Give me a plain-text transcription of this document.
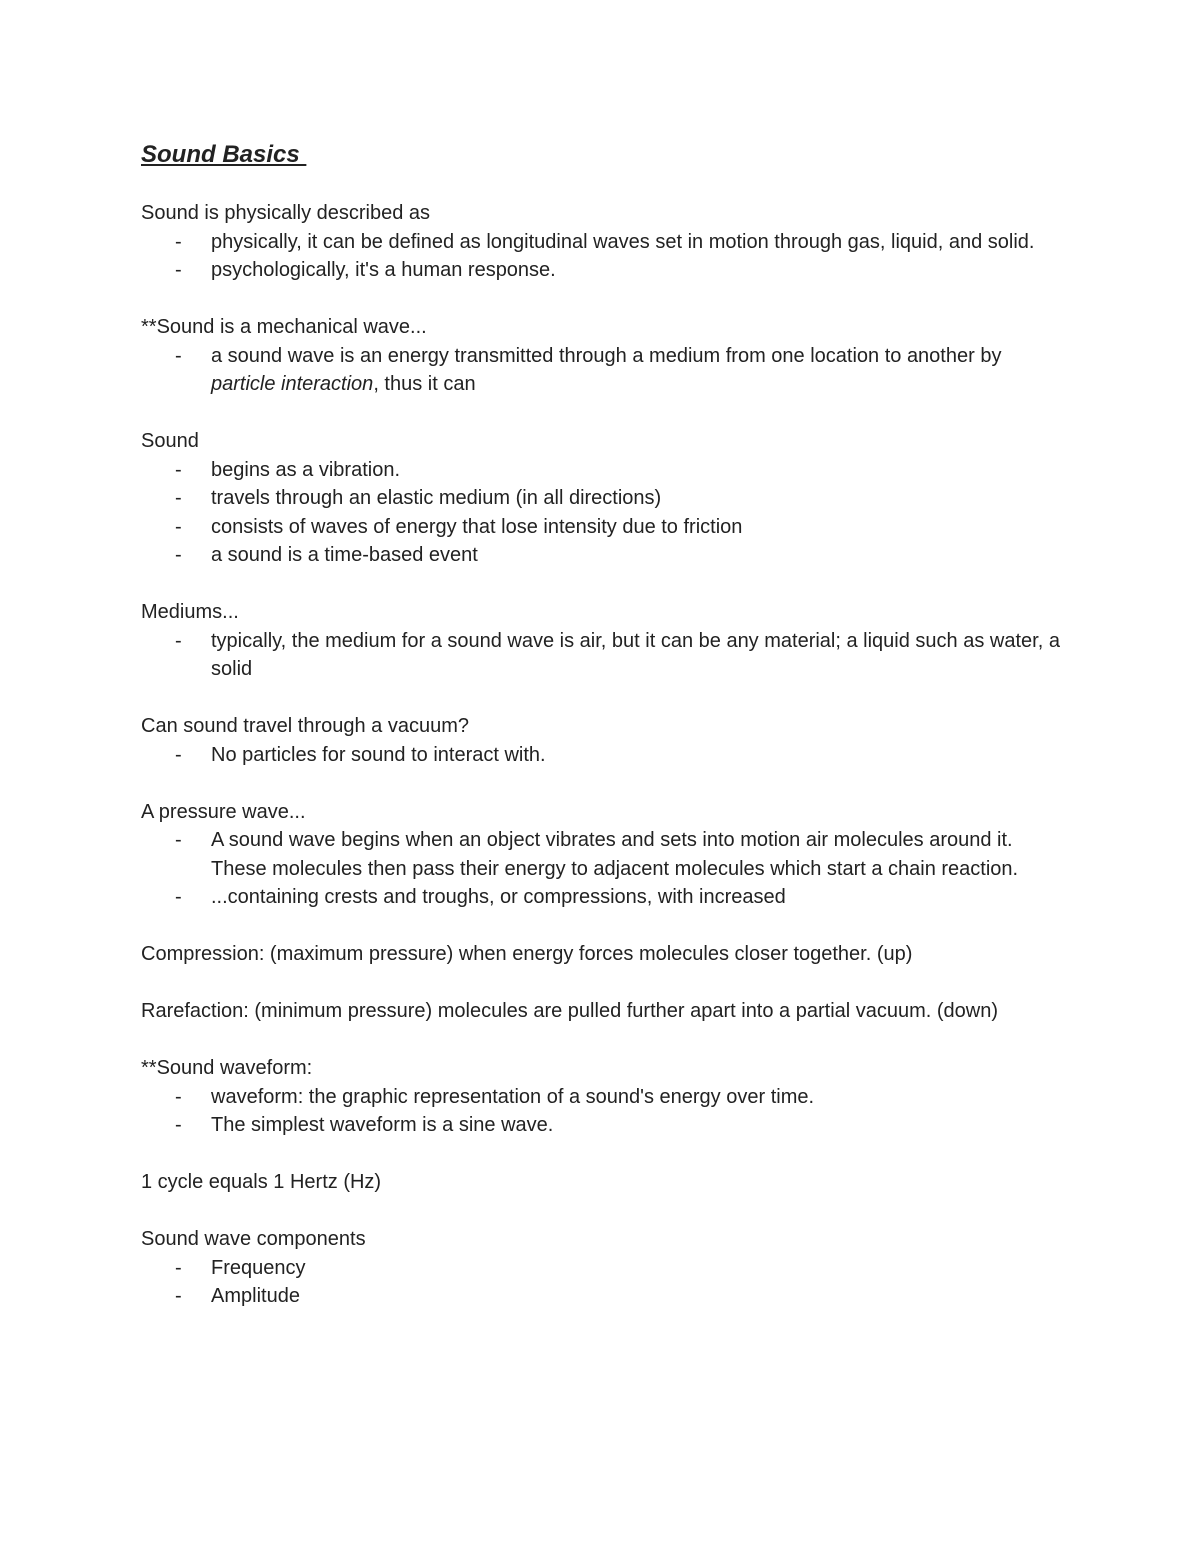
Sound Basics

Sound is physically described as

- physically, it can be defined as longitudinal waves set in motion through gas, liquid, and solid.
- psychologically, it's a human response.

**Sound is a mechanical wave...

- a sound wave is an energy transmitted through a medium from one location to another by particle interaction, thus it can

Sound

- begins as a vibration.
- travels through an elastic medium (in all directions)
- consists of waves of energy that lose intensity due to friction
- a sound is a time-based event

Mediums...

- typically, the medium for a sound wave is air, but it can be any material; a liquid such as water, a solid

Can sound travel through a vacuum?

- No particles for sound to interact with.

A pressure wave...

- A sound wave begins when an object vibrates and sets into motion air molecules around it. These molecules then pass their energy to adjacent molecules which start a chain reaction.
- ...containing crests and troughs, or compressions, with increased

Compression: (maximum pressure) when energy forces molecules closer together. (up)

Rarefaction: (minimum pressure) molecules are pulled further apart into a partial vacuum. (down)

**Sound waveform:

- waveform: the graphic representation of a sound's energy over time.
- The simplest waveform is a sine wave.

1 cycle equals 1 Hertz (Hz)

Sound wave components

- Frequency
- Amplitude
